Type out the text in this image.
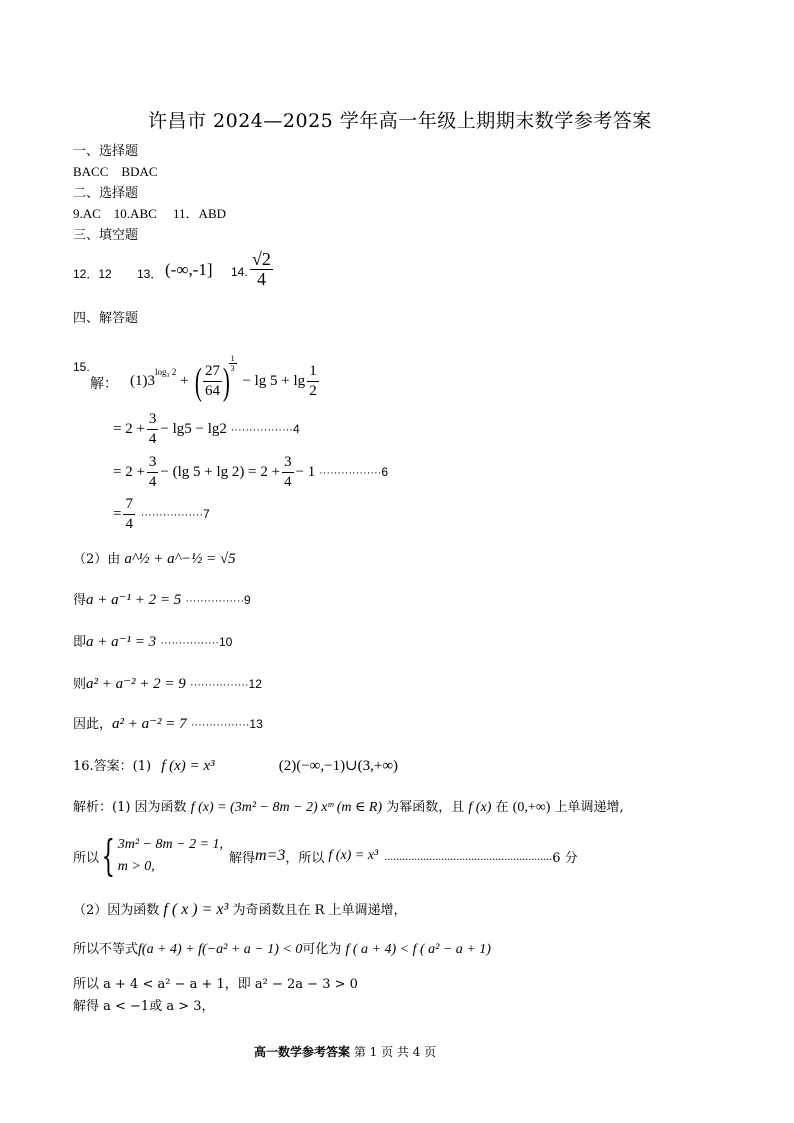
许昌市 2024—2025 学年高一年级上期期末数学参考答案
一、选择题
BACC　BDAC
二、选择题
9.AC　10.ABC　 11．ABD
三、填空题
12．12 13． (-∞,-1] 14. $\frac{√2}{4}$
四、解答题
15.
解： $(1)3^{log_3 2}$ + ( $\frac{27}{64}$ )
$\frac{1}{3}$
− $\lg 5 + \lg \frac{1}{2}$
= $2 + \frac{3}{4} - \lg 5 - \lg 2 \cdot\cdot\cdot\cdot\cdot\cdot\cdot\cdot\cdot\cdot\cdot\cdot\cdot\cdot\cdot\cdot\cdot 4$
= $2 + \frac{3}{4} - (\lg$ $5 + \lg 2) = 2 + \frac{3}{4} - 1 \cdot\cdot\cdot\cdot\cdot\cdot\cdot\cdot\cdot\cdot\cdot\cdot\cdot\cdot\cdot\cdot\cdot 6$
= $\frac{7}{4} \cdot\cdot\cdot\cdot\cdot\cdot\cdot\cdot\cdot\cdot\cdot\cdot\cdot\cdot\cdot\cdot\cdot 7$
（2）由 a^½ + a^−½ = √5
得a + a⁻¹ + 2 = 5 ················9
即a + a⁻¹ = 3 ················10
则a² + a⁻² + 2 = 9 ················12
因此，a² + a⁻² = 7 ················13
16.答案：(1) f (x) = x³	(2)(−∞,−1)∪(3,+∞)
解析：(1) 因为函数 f (x) = (3m² − 8m − 2) xᵐ (m ∈ R) 为幂函数，且 f (x) 在 (0,+∞) 上单调递增,
所以 { 3m² − 8m − 2 = 1,
m > 0,
解得 m=3 ，所以 f (x) = x³ ........................................................ 6 分
（2）因为函数 f ( x ) = x³ 为奇函数且在 R 上单调递增，
所以不等式f(a + 4) + f(−a² + a − 1) < 0可化为 f ( a + 4) < f ( a² − a + 1)
所以 a + 4 < a² − a + 1，即 a² − 2a − 3 > 0
解得 a < −1或 a > 3，
高一数学参考答案 第 1 页 共 4 页
